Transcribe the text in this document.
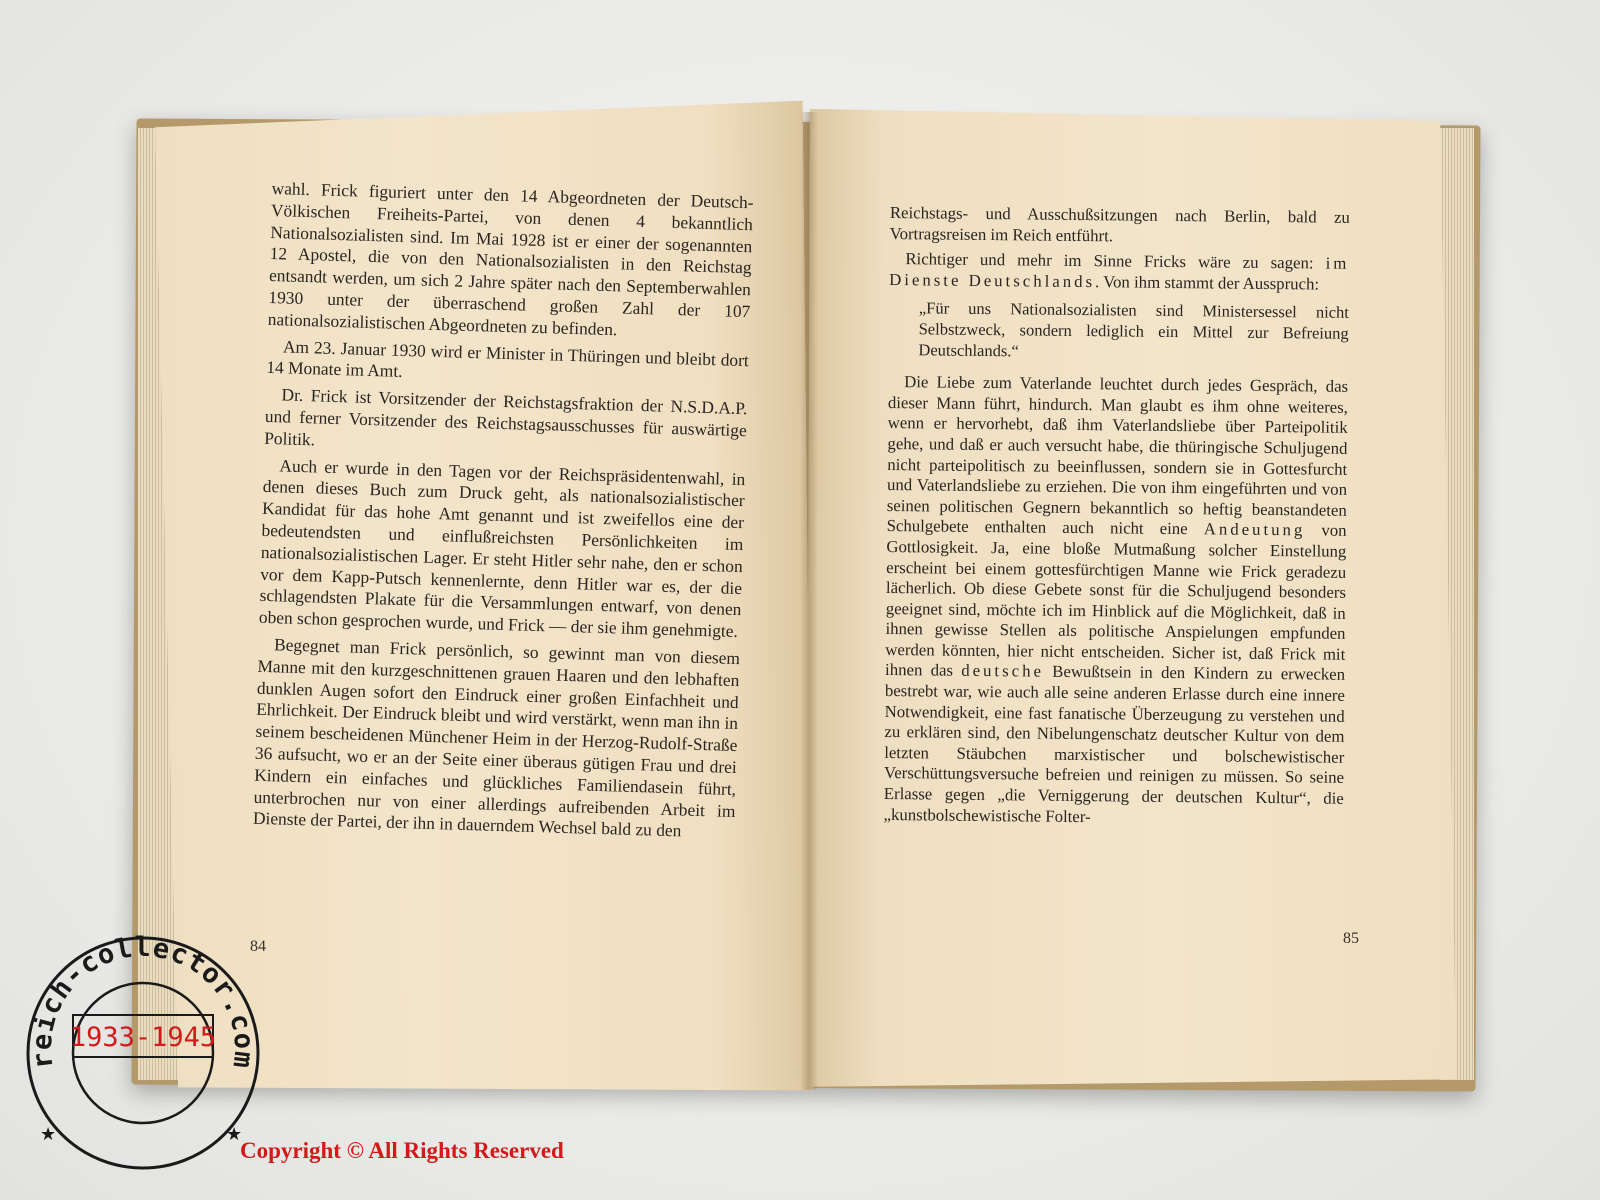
wahl. Frick figuriert unter den 14 Abgeordneten der Deutsch-Völkischen Freiheits-Partei, von denen 4 bekanntlich Nationalsozialisten sind. Im Mai 1928 ist er einer der sogenannten 12 Apostel, die von den Nationalsozialisten in den Reichstag entsandt werden, um sich 2 Jahre später nach den Septemberwahlen 1930 unter der überraschend großen Zahl der 107 nationalsozialistischen Abgeordneten zu befinden.

Am 23. Januar 1930 wird er Minister in Thüringen und bleibt dort 14 Monate im Amt.

Dr. Frick ist Vorsitzender der Reichstagsfraktion der N.S.D.A.P. und ferner Vorsitzender des Reichstagsausschusses für auswärtige Politik.

Auch er wurde in den Tagen vor der Reichspräsidentenwahl, in denen dieses Buch zum Druck geht, als nationalsozialistischer Kandidat für das hohe Amt genannt und ist zweifellos eine der bedeutendsten und einflußreichsten Persönlichkeiten im nationalsozialistischen Lager. Er steht Hitler sehr nahe, den er schon vor dem Kapp-Putsch kennenlernte, denn Hitler war es, der die schlagendsten Plakate für die Versammlungen entwarf, von denen oben schon gesprochen wurde, und Frick — der sie ihm genehmigte.

Begegnet man Frick persönlich, so gewinnt man von diesem Manne mit den kurzgeschnittenen grauen Haaren und den lebhaften dunklen Augen sofort den Eindruck einer großen Einfachheit und Ehrlichkeit. Der Eindruck bleibt und wird verstärkt, wenn man ihn in seinem bescheidenen Münchener Heim in der Herzog-Rudolf-Straße 36 aufsucht, wo er an der Seite einer überaus gütigen Frau und drei Kindern ein einfaches und glückliches Familiendasein führt, unterbrochen nur von einer allerdings aufreibenden Arbeit im Dienste der Partei, der ihn in dauerndem Wechsel bald zu den

84

Reichstags- und Ausschußsitzungen nach Berlin, bald zu Vortragsreisen im Reich entführt.

Richtiger und mehr im Sinne Fricks wäre zu sagen: im Dienste Deutschlands. Von ihm stammt der Ausspruch:

„Für uns Nationalsozialisten sind Ministersessel nicht Selbstzweck, sondern lediglich ein Mittel zur Befreiung Deutschlands.“

Die Liebe zum Vaterlande leuchtet durch jedes Gespräch, das dieser Mann führt, hindurch. Man glaubt es ihm ohne weiteres, wenn er hervorhebt, daß ihm Vaterlandsliebe über Parteipolitik gehe, und daß er auch versucht habe, die thüringische Schuljugend nicht parteipolitisch zu beeinflussen, sondern sie in Gottesfurcht und Vaterlandsliebe zu erziehen. Die von ihm eingeführten und von seinen politischen Gegnern bekanntlich so heftig beanstandeten Schulgebete enthalten auch nicht eine Andeutung von Gottlosigkeit. Ja, eine bloße Mutmaßung solcher Einstellung erscheint bei einem gottesfürchtigen Manne wie Frick geradezu lächerlich. Ob diese Gebete sonst für die Schuljugend besonders geeignet sind, möchte ich im Hinblick auf die Möglichkeit, daß in ihnen gewisse Stellen als politische Anspielungen empfunden werden könnten, hier nicht entscheiden. Sicher ist, daß Frick mit ihnen das deutsche Bewußtsein in den Kindern zu erwecken bestrebt war, wie auch alle seine anderen Erlasse durch eine innere Notwendigkeit, eine fast fanatische Überzeugung zu verstehen und zu erklären sind, den Nibelungenschatz deutscher Kultur von dem letzten Stäubchen marxistischer und bolschewistischer Verschüttungsversuche befreien und reinigen zu müssen. So seine Erlasse gegen „die Verniggerung der deutschen Kultur“, die „kunstbolschewistische Folter-

85
reich-collector.com
★	★
1933-1945
Copyright © All Rights Reserved
